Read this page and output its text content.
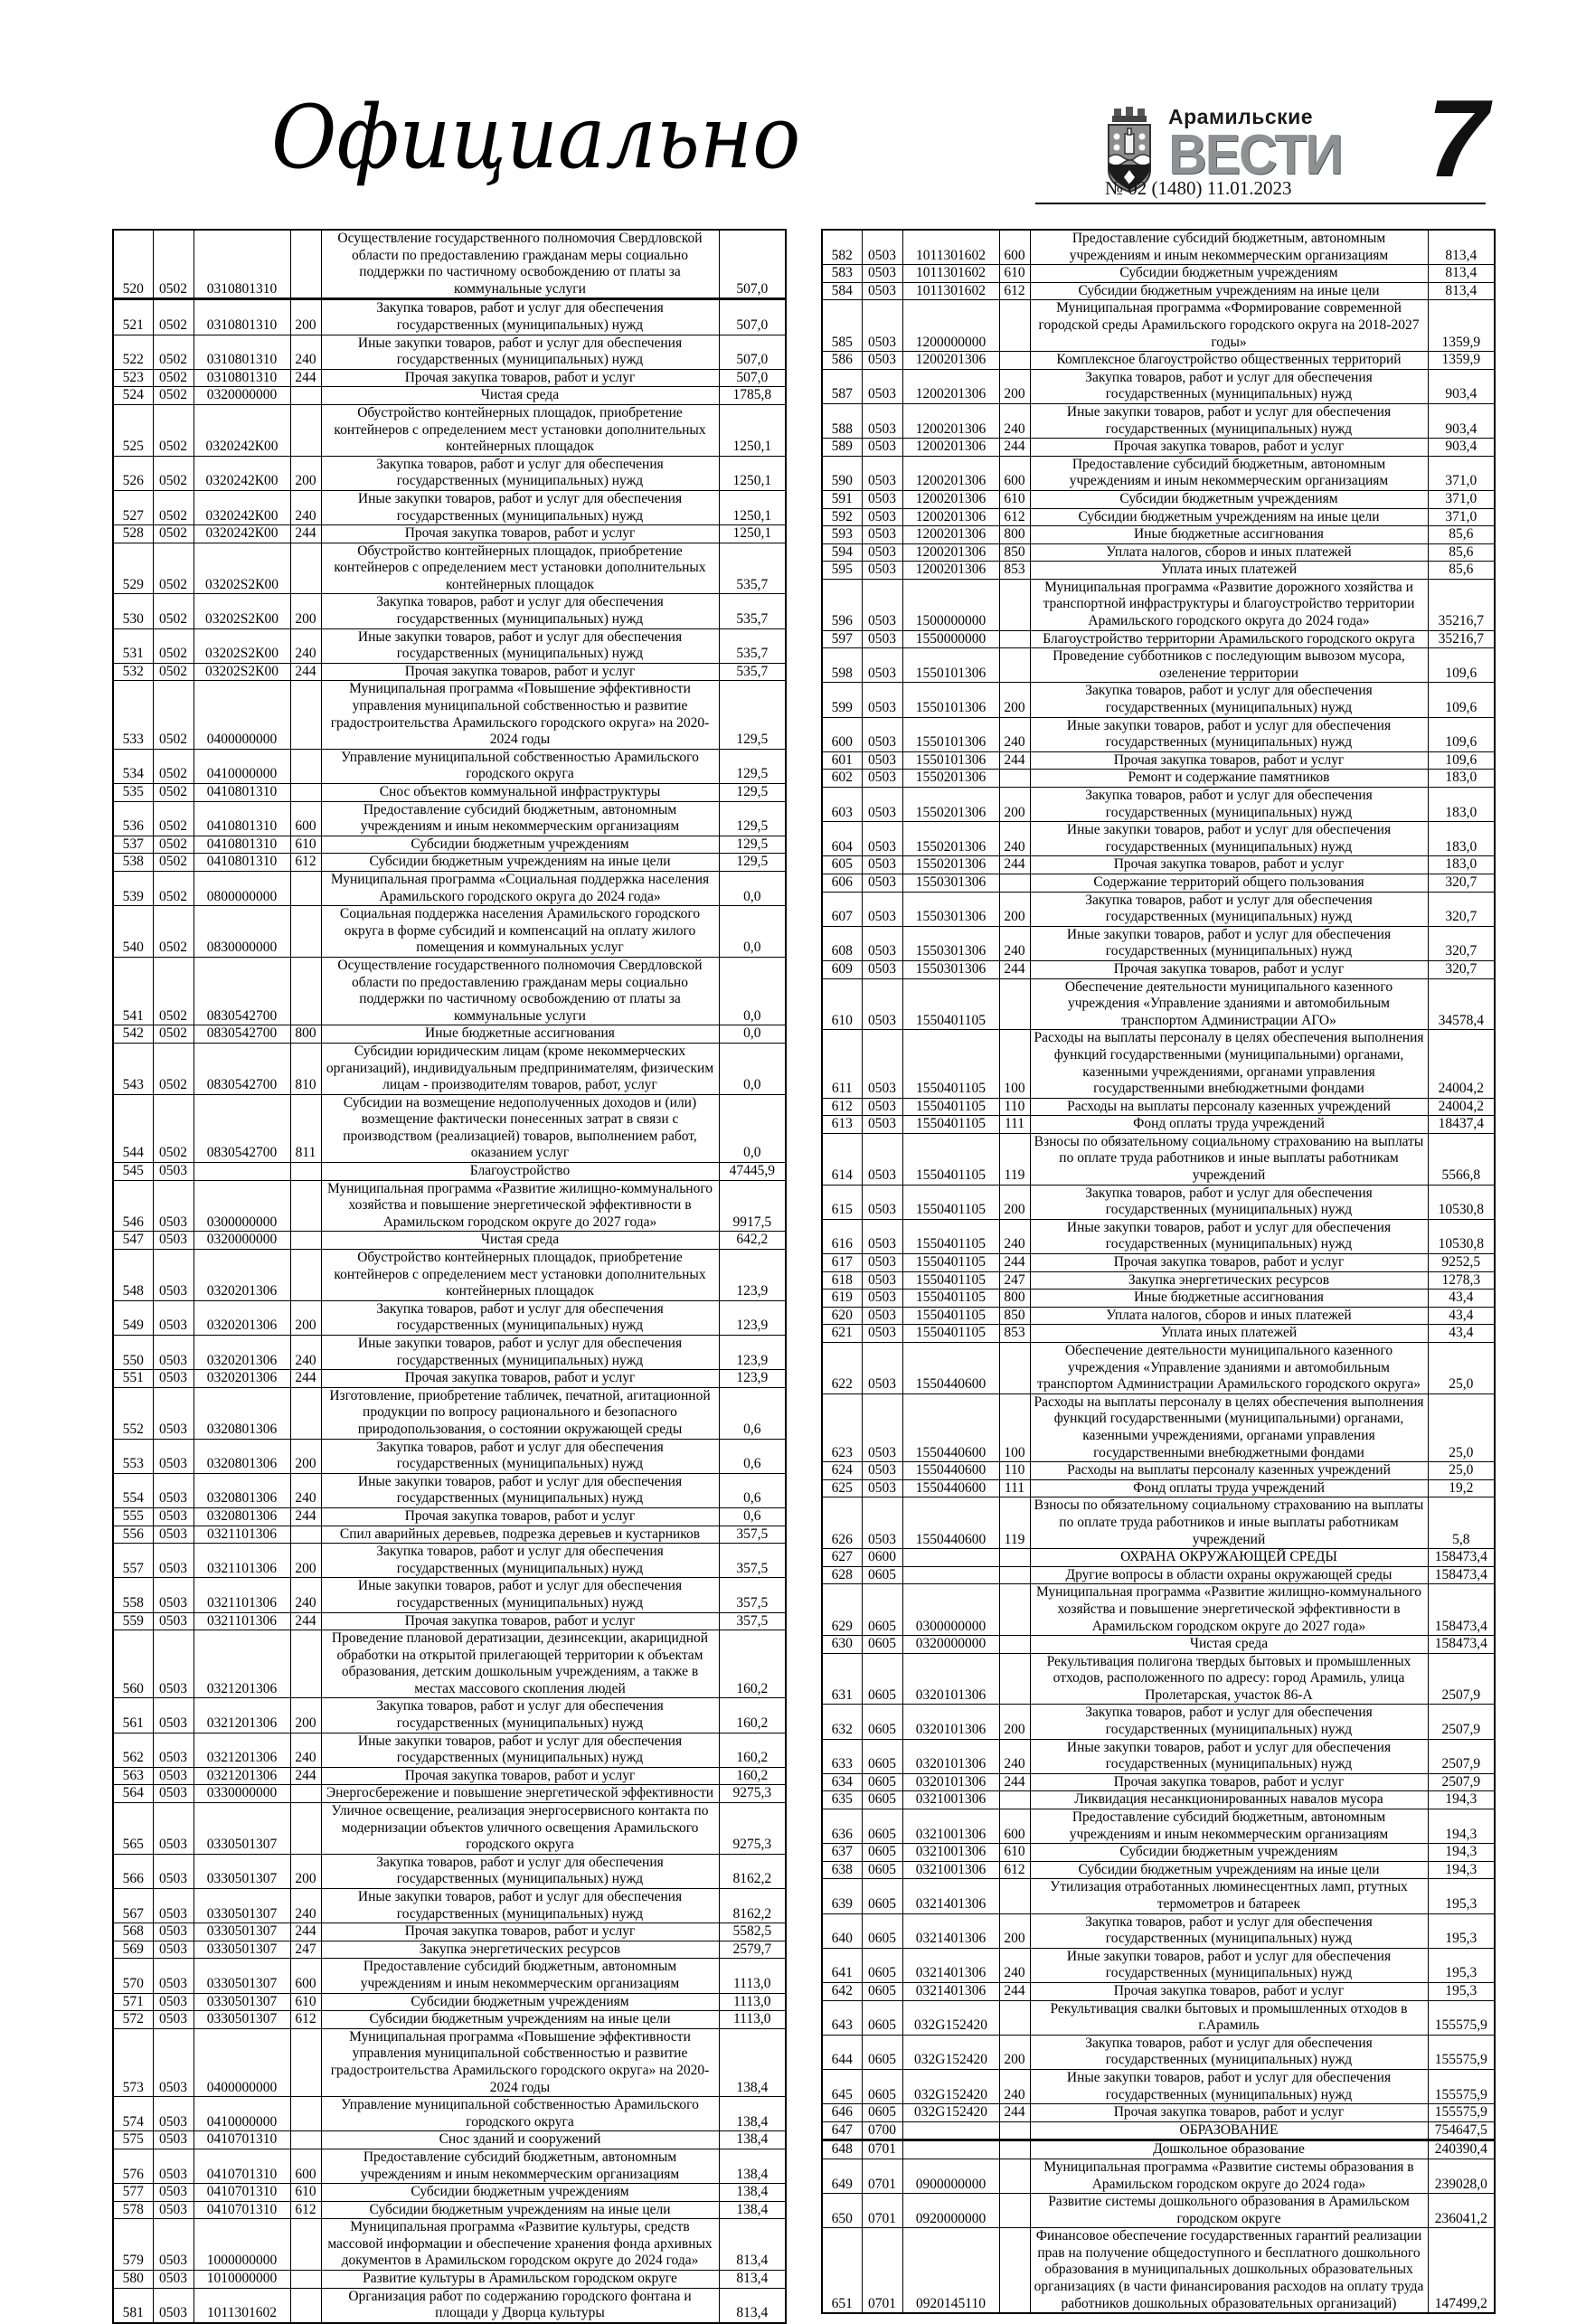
Официально	Арамильские
ВЕСТИ
№ 02 (1480) 11.01.2023 7
520	0502	0310801310		Осуществление государственного полномочия Свердловской области по предоставлению гражданам меры социально поддержки по частичному освобождению от платы за коммунальные услуги	507,0
521	0502	0310801310	200	Закупка товаров, работ и услуг для обеспечения государственных (муниципальных) нужд	507,0
522	0502	0310801310	240	Иные закупки товаров, работ и услуг для обеспечения государственных (муниципальных) нужд	507,0
523	0502	0310801310	244	Прочая закупка товаров, работ и услуг	507,0
524	0502	0320000000		Чистая среда	1785,8
525	0502	0320242К00		Обустройство контейнерных площадок, приобретение контейнеров с определением мест установки дополнительных контейнерных площадок	1250,1
526	0502	0320242К00	200	Закупка товаров, работ и услуг для обеспечения государственных (муниципальных) нужд	1250,1
527	0502	0320242К00	240	Иные закупки товаров, работ и услуг для обеспечения государственных (муниципальных) нужд	1250,1
528	0502	0320242К00	244	Прочая закупка товаров, работ и услуг	1250,1
529	0502	03202S2К00		Обустройство контейнерных площадок, приобретение контейнеров с определением мест установки дополнительных контейнерных площадок	535,7
530	0502	03202S2К00	200	Закупка товаров, работ и услуг для обеспечения государственных (муниципальных) нужд	535,7
531	0502	03202S2К00	240	Иные закупки товаров, работ и услуг для обеспечения государственных (муниципальных) нужд	535,7
532	0502	03202S2К00	244	Прочая закупка товаров, работ и услуг	535,7
533	0502	0400000000		Муниципальная программа «Повышение эффективности управления муниципальной собственностью и развитие градостроительства Арамильского городского округа» на 2020-2024 годы	129,5
534	0502	0410000000		Управление муниципальной собственностью Арамильского городского округа	129,5
535	0502	0410801310		Снос объектов коммунальной инфраструктуры	129,5
536	0502	0410801310	600	Предоставление субсидий бюджетным, автономным учреждениям и иным некоммерческим организациям	129,5
537	0502	0410801310	610	Субсидии бюджетным учреждениям	129,5
538	0502	0410801310	612	Субсидии бюджетным учреждениям на иные цели	129,5
539	0502	0800000000		Муниципальная программа «Социальная поддержка населения Арамильского городского округа до 2024 года»	0,0
540	0502	0830000000		Социальная поддержка населения Арамильского городского округа в форме субсидий и компенсаций на оплату жилого помещения и коммунальных услуг	0,0
541	0502	0830542700		Осуществление государственного полномочия Свердловской области по предоставлению гражданам меры социально поддержки по частичному освобождению от платы за коммунальные услуги	0,0
542	0502	0830542700	800	Иные бюджетные ассигнования	0,0
543	0502	0830542700	810	Субсидии юридическим лицам (кроме некоммерческих организаций), индивидуальным предпринимателям, физическим лицам - производителям товаров, работ, услуг	0,0
544	0502	0830542700	811	Субсидии на возмещение недополученных доходов и (или) возмещение фактически понесенных затрат в связи с производством (реализацией) товаров, выполнением работ, оказанием услуг	0,0
545	0503			Благоустройство	47445,9
546	0503	0300000000		Муниципальная программа «Развитие жилищно-коммунального хозяйства и повышение энергетической эффективности в Арамильском городском округе до 2027 года»	9917,5
547	0503	0320000000		Чистая среда	642,2
548	0503	0320201306		Обустройство контейнерных площадок, приобретение контейнеров с определением мест установки дополнительных контейнерных площадок	123,9
549	0503	0320201306	200	Закупка товаров, работ и услуг для обеспечения государственных (муниципальных) нужд	123,9
550	0503	0320201306	240	Иные закупки товаров, работ и услуг для обеспечения государственных (муниципальных) нужд	123,9
551	0503	0320201306	244	Прочая закупка товаров, работ и услуг	123,9
552	0503	0320801306		Изготовление, приобретение табличек, печатной, агитационной продукции по вопросу рационального и безопасного природопользования, о состоянии окружающей среды	0,6
553	0503	0320801306	200	Закупка товаров, работ и услуг для обеспечения государственных (муниципальных) нужд	0,6
554	0503	0320801306	240	Иные закупки товаров, работ и услуг для обеспечения государственных (муниципальных) нужд	0,6
555	0503	0320801306	244	Прочая закупка товаров, работ и услуг	0,6
556	0503	0321101306		Спил аварийных деревьев, подрезка деревьев и кустарников	357,5
557	0503	0321101306	200	Закупка товаров, работ и услуг для обеспечения государственных (муниципальных) нужд	357,5
558	0503	0321101306	240	Иные закупки товаров, работ и услуг для обеспечения государственных (муниципальных) нужд	357,5
559	0503	0321101306	244	Прочая закупка товаров, работ и услуг	357,5
560	0503	0321201306		Проведение плановой дератизации, дезинсекции, акарицидной обработки на открытой прилегающей территории к объектам образования, детским дошкольным учреждениям, а также в местах массового скопления людей	160,2
561	0503	0321201306	200	Закупка товаров, работ и услуг для обеспечения государственных (муниципальных) нужд	160,2
562	0503	0321201306	240	Иные закупки товаров, работ и услуг для обеспечения государственных (муниципальных) нужд	160,2
563	0503	0321201306	244	Прочая закупка товаров, работ и услуг	160,2
564	0503	0330000000		Энергосбережение и повышение энергетической эффективности	9275,3
565	0503	0330501307		Уличное освещение, реализация энергосервисного контакта по модернизации объектов уличного освещения Арамильского городского округа	9275,3
566	0503	0330501307	200	Закупка товаров, работ и услуг для обеспечения государственных (муниципальных) нужд	8162,2
567	0503	0330501307	240	Иные закупки товаров, работ и услуг для обеспечения государственных (муниципальных) нужд	8162,2
568	0503	0330501307	244	Прочая закупка товаров, работ и услуг	5582,5
569	0503	0330501307	247	Закупка энергетических ресурсов	2579,7
570	0503	0330501307	600	Предоставление субсидий бюджетным, автономным учреждениям и иным некоммерческим организациям	1113,0
571	0503	0330501307	610	Субсидии бюджетным учреждениям	1113,0
572	0503	0330501307	612	Субсидии бюджетным учреждениям на иные цели	1113,0
573	0503	0400000000		Муниципальная программа «Повышение эффективности управления муниципальной собственностью и развитие градостроительства Арамильского городского округа» на 2020-2024 годы	138,4
574	0503	0410000000		Управление муниципальной собственностью Арамильского городского округа	138,4
575	0503	0410701310		Снос зданий и сооружений	138,4
576	0503	0410701310	600	Предоставление субсидий бюджетным, автономным учреждениям и иным некоммерческим организациям	138,4
577	0503	0410701310	610	Субсидии бюджетным учреждениям	138,4
578	0503	0410701310	612	Субсидии бюджетным учреждениям на иные цели	138,4
579	0503	1000000000		Муниципальная программа «Развитие культуры, средств массовой информации и обеспечение хранения фонда архивных документов в Арамильском городском округе до 2024 года»	813,4
580	0503	1010000000		Развитие культуры в Арамильском городском округе	813,4
581	0503	1011301602		Организация работ по содержанию городского фонтана и площади у Дворца культуры	813,4
582	0503	1011301602	600	Предоставление субсидий бюджетным, автономным учреждениям и иным некоммерческим организациям	813,4
583	0503	1011301602	610	Субсидии бюджетным учреждениям	813,4
584	0503	1011301602	612	Субсидии бюджетным учреждениям на иные цели	813,4
585	0503	1200000000		Муниципальная программа «Формирование современной городской среды Арамильского городского округа на 2018-2027 годы»	1359,9
586	0503	1200201306		Комплексное благоустройство общественных территорий	1359,9
587	0503	1200201306	200	Закупка товаров, работ и услуг для обеспечения государственных (муниципальных) нужд	903,4
588	0503	1200201306	240	Иные закупки товаров, работ и услуг для обеспечения государственных (муниципальных) нужд	903,4
589	0503	1200201306	244	Прочая закупка товаров, работ и услуг	903,4
590	0503	1200201306	600	Предоставление субсидий бюджетным, автономным учреждениям и иным некоммерческим организациям	371,0
591	0503	1200201306	610	Субсидии бюджетным учреждениям	371,0
592	0503	1200201306	612	Субсидии бюджетным учреждениям на иные цели	371,0
593	0503	1200201306	800	Иные бюджетные ассигнования	85,6
594	0503	1200201306	850	Уплата налогов, сборов и иных платежей	85,6
595	0503	1200201306	853	Уплата иных платежей	85,6
596	0503	1500000000		Муниципальная программа «Развитие дорожного хозяйства и транспортной инфраструктуры и благоустройство территории Арамильского городского округа до 2024 года»	35216,7
597	0503	1550000000		Благоустройство территории Арамильского городского округа	35216,7
598	0503	1550101306		Проведение субботников с последующим вывозом мусора, озеленение территории	109,6
599	0503	1550101306	200	Закупка товаров, работ и услуг для обеспечения государственных (муниципальных) нужд	109,6
600	0503	1550101306	240	Иные закупки товаров, работ и услуг для обеспечения государственных (муниципальных) нужд	109,6
601	0503	1550101306	244	Прочая закупка товаров, работ и услуг	109,6
602	0503	1550201306		Ремонт и содержание памятников	183,0
603	0503	1550201306	200	Закупка товаров, работ и услуг для обеспечения государственных (муниципальных) нужд	183,0
604	0503	1550201306	240	Иные закупки товаров, работ и услуг для обеспечения государственных (муниципальных) нужд	183,0
605	0503	1550201306	244	Прочая закупка товаров, работ и услуг	183,0
606	0503	1550301306		Содержание территорий общего пользования	320,7
607	0503	1550301306	200	Закупка товаров, работ и услуг для обеспечения государственных (муниципальных) нужд	320,7
608	0503	1550301306	240	Иные закупки товаров, работ и услуг для обеспечения государственных (муниципальных) нужд	320,7
609	0503	1550301306	244	Прочая закупка товаров, работ и услуг	320,7
610	0503	1550401105		Обеспечение деятельности муниципального казенного учреждения «Управление зданиями и автомобильным транспортом Администрации АГО»	34578,4
611	0503	1550401105	100	Расходы на выплаты персоналу в целях обеспечения выполнения функций государственными (муниципальными) органами, казенными учреждениями, органами управления государственными внебюджетными фондами	24004,2
612	0503	1550401105	110	Расходы на выплаты персоналу казенных учреждений	24004,2
613	0503	1550401105	111	Фонд оплаты труда учреждений	18437,4
614	0503	1550401105	119	Взносы по обязательному социальному страхованию на выплаты по оплате труда работников и иные выплаты работникам учреждений	5566,8
615	0503	1550401105	200	Закупка товаров, работ и услуг для обеспечения государственных (муниципальных) нужд	10530,8
616	0503	1550401105	240	Иные закупки товаров, работ и услуг для обеспечения государственных (муниципальных) нужд	10530,8
617	0503	1550401105	244	Прочая закупка товаров, работ и услуг	9252,5
618	0503	1550401105	247	Закупка энергетических ресурсов	1278,3
619	0503	1550401105	800	Иные бюджетные ассигнования	43,4
620	0503	1550401105	850	Уплата налогов, сборов и иных платежей	43,4
621	0503	1550401105	853	Уплата иных платежей	43,4
622	0503	1550440600		Обеспечение деятельности муниципального казенного учреждения «Управление зданиями и автомобильным транспортом Администрации Арамильского городского округа»	25,0
623	0503	1550440600	100	Расходы на выплаты персоналу в целях обеспечения выполнения функций государственными (муниципальными) органами, казенными учреждениями, органами управления государственными внебюджетными фондами	25,0
624	0503	1550440600	110	Расходы на выплаты персоналу казенных учреждений	25,0
625	0503	1550440600	111	Фонд оплаты труда учреждений	19,2
626	0503	1550440600	119	Взносы по обязательному социальному страхованию на выплаты по оплате труда работников и иные выплаты работникам учреждений	5,8
627	0600			ОХРАНА ОКРУЖАЮЩЕЙ СРЕДЫ	158473,4
628	0605			Другие вопросы в области охраны окружающей среды	158473,4
629	0605	0300000000		Муниципальная программа «Развитие жилищно-коммунального хозяйства и повышение энергетической эффективности в Арамильском городском округе до 2027 года»	158473,4
630	0605	0320000000		Чистая среда	158473,4
631	0605	0320101306		Рекультивация полигона твердых бытовых и промышленных отходов, расположенного по адресу: город Арамиль, улица Пролетарская, участок 86-А	2507,9
632	0605	0320101306	200	Закупка товаров, работ и услуг для обеспечения государственных (муниципальных) нужд	2507,9
633	0605	0320101306	240	Иные закупки товаров, работ и услуг для обеспечения государственных (муниципальных) нужд	2507,9
634	0605	0320101306	244	Прочая закупка товаров, работ и услуг	2507,9
635	0605	0321001306		Ликвидация несанкционированных навалов мусора	194,3
636	0605	0321001306	600	Предоставление субсидий бюджетным, автономным учреждениям и иным некоммерческим организациям	194,3
637	0605	0321001306	610	Субсидии бюджетным учреждениям	194,3
638	0605	0321001306	612	Субсидии бюджетным учреждениям на иные цели	194,3
639	0605	0321401306		Утилизация отработанных люминесцентных ламп, ртутных термометров и батареек	195,3
640	0605	0321401306	200	Закупка товаров, работ и услуг для обеспечения государственных (муниципальных) нужд	195,3
641	0605	0321401306	240	Иные закупки товаров, работ и услуг для обеспечения государственных (муниципальных) нужд	195,3
642	0605	0321401306	244	Прочая закупка товаров, работ и услуг	195,3
643	0605	032G152420		Рекультивация свалки бытовых и промышленных отходов в г.Арамиль	155575,9
644	0605	032G152420	200	Закупка товаров, работ и услуг для обеспечения государственных (муниципальных) нужд	155575,9
645	0605	032G152420	240	Иные закупки товаров, работ и услуг для обеспечения государственных (муниципальных) нужд	155575,9
646	0605	032G152420	244	Прочая закупка товаров, работ и услуг	155575,9
647	0700			ОБРАЗОВАНИЕ	754647,5
648	0701			Дошкольное образование	240390,4
649	0701	0900000000		Муниципальная программа «Развитие системы образования в Арамильском городском округе до 2024 года»	239028,0
650	0701	0920000000		Развитие системы дошкольного образования в Арамильском городском округе	236041,2
651	0701	0920145110		Финансовое обеспечение государственных гарантий реализации прав на получение общедоступного и бесплатного дошкольного образования в муниципальных дошкольных образовательных организациях (в части финансирования расходов на оплату труда работников дошкольных образовательных организаций)	147499,2
